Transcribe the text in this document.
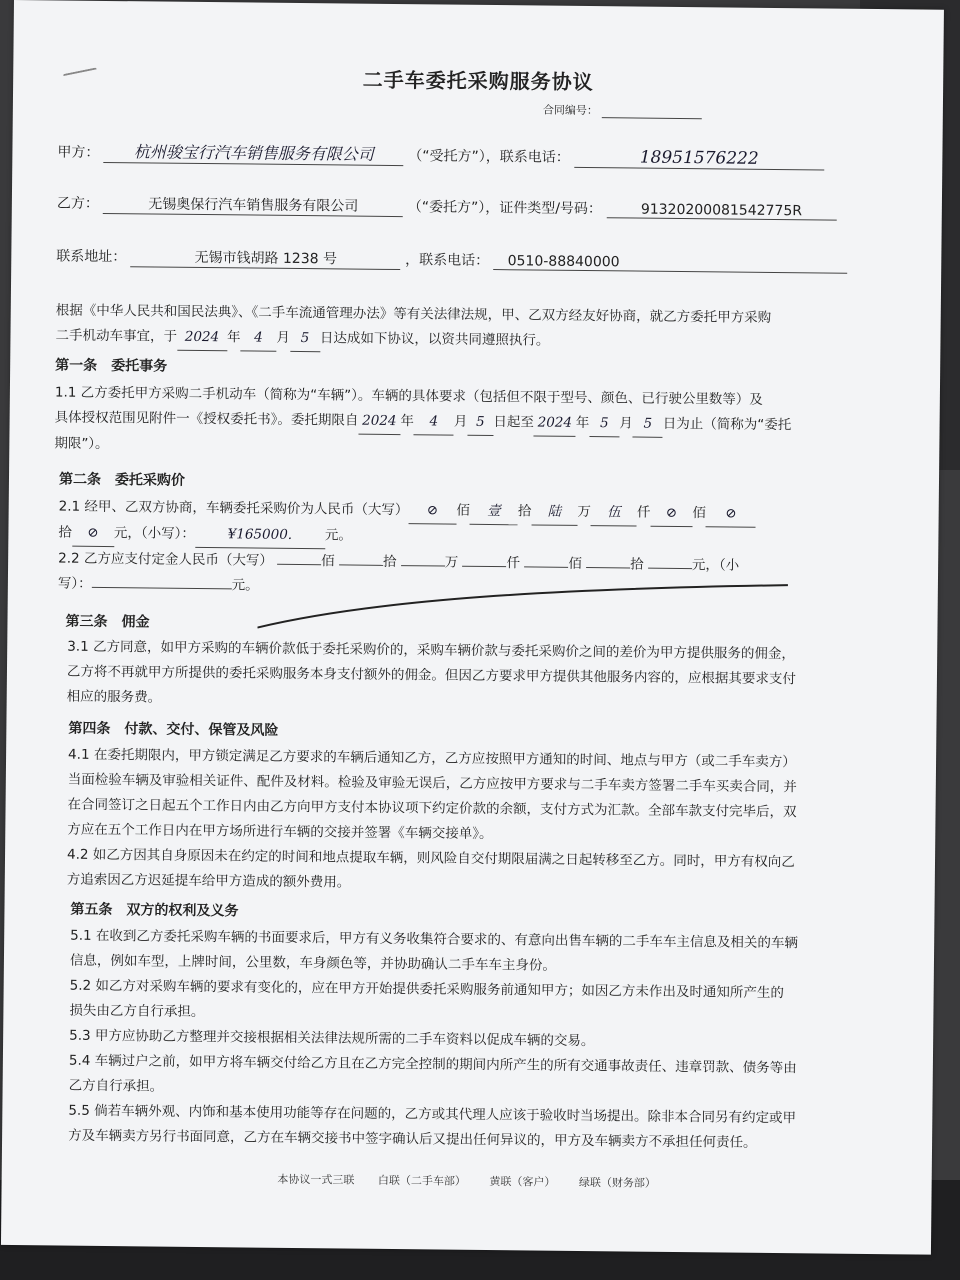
二手车委托采购服务协议
合同编号：
甲方： 杭州骏宝行汽车销售服务有限公司 （“受托方”），联系电话：	18951576222
乙方：	无锡奥保行汽车销售服务有限公司	（“委托方”），证件类型/号码：	91320200081542775R
联系地址：	无锡市钱胡路 1238 号	，联系电话： 0510-88840000
根据《中华人民共和国民法典》、《二手车流通管理办法》等有关法律法规，甲、乙双方经友好协商，就乙方委托甲方采购
二手机动车事宜，于 2024 年 4 月 5 日达成如下协议，以资共同遵照执行。
第一条　委托事务
1.1 乙方委托甲方采购二手机动车（简称为“车辆”）。车辆的具体要求（包括但不限于型号、颜色、已行驶公里数等）及
具体授权范围见附件一《授权委托书》。委托期限自 2024 年 4 月 5 日起至 2024 年 5 月 5 日为止（简称为“委托
期限”）。
第二条　委托采购价
2.1 经甲、乙双方协商，车辆委托采购价为人民币（大写） ⊘ 佰 壹 拾 陆 万 伍 仟 ⊘ 佰 ⊘
拾 ⊘ 元，（小写）： ¥165000. 元。
2.2 乙方应支付定金人民币（大写）	佰	拾	万	仟	佰	拾	元，（小
写）：	元。
第三条　佣金
3.1 乙方同意，如甲方采购的车辆价款低于委托采购价的，采购车辆价款与委托采购价之间的差价为甲方提供服务的佣金，
乙方将不再就甲方所提供的委托采购服务本身支付额外的佣金。但因乙方要求甲方提供其他服务内容的，应根据其要求支付
相应的服务费。
第四条　付款、交付、保管及风险
4.1 在委托期限内，甲方锁定满足乙方要求的车辆后通知乙方，乙方应按照甲方通知的时间、地点与甲方（或二手车卖方）
当面检验车辆及审验相关证件、配件及材料。检验及审验无误后，乙方应按甲方要求与二手车卖方签署二手车买卖合同，并
在合同签订之日起五个工作日内由乙方向甲方支付本协议项下约定价款的余额，支付方式为汇款。全部车款支付完毕后，双
方应在五个工作日内在甲方场所进行车辆的交接并签署《车辆交接单》。
4.2 如乙方因其自身原因未在约定的时间和地点提取车辆，则风险自交付期限届满之日起转移至乙方。同时，甲方有权向乙
方追索因乙方迟延提车给甲方造成的额外费用。
第五条　双方的权利及义务
5.1 在收到乙方委托采购车辆的书面要求后，甲方有义务收集符合要求的、有意向出售车辆的二手车车主信息及相关的车辆
信息，例如车型，上牌时间，公里数，车身颜色等，并协助确认二手车车主身份。
5.2 如乙方对采购车辆的要求有变化的，应在甲方开始提供委托采购服务前通知甲方；如因乙方未作出及时通知所产生的
损失由乙方自行承担。
5.3 甲方应协助乙方整理并交接根据相关法律法规所需的二手车资料以促成车辆的交易。
5.4 车辆过户之前，如甲方将车辆交付给乙方且在乙方完全控制的期间内所产生的所有交通事故责任、违章罚款、债务等由
乙方自行承担。
5.5 倘若车辆外观、内饰和基本使用功能等存在问题的，乙方或其代理人应该于验收时当场提出。除非本合同另有约定或甲
方及车辆卖方另行书面同意，乙方在车辆交接书中签字确认后又提出任何异议的，甲方及车辆卖方不承担任何责任。
本协议一式三联 白联（二手车部） 黄联（客户） 绿联（财务部）
